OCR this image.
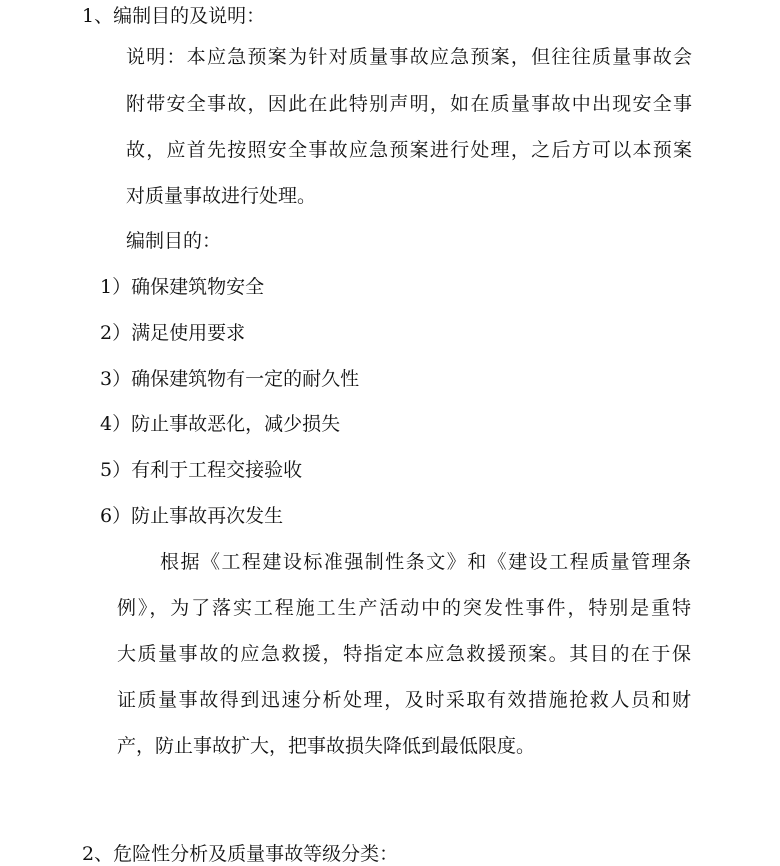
1、编制目的及说明：
说明：本应急预案为针对质量事故应急预案，但往往质量事故会
附带安全事故，因此在此特别声明，如在质量事故中出现安全事
故，应首先按照安全事故应急预案进行处理，之后方可以本预案
对质量事故进行处理。
编制目的：
1）确保建筑物安全
2）满足使用要求
3）确保建筑物有一定的耐久性
4）防止事故恶化，减少损失
5）有利于工程交接验收
6）防止事故再次发生
根据《工程建设标准强制性条文》和《建设工程质量管理条
例》，为了落实工程施工生产活动中的突发性事件，特别是重特
大质量事故的应急救援，特指定本应急救援预案。其目的在于保
证质量事故得到迅速分析处理，及时采取有效措施抢救人员和财
产，防止事故扩大，把事故损失降低到最低限度。
2、危险性分析及质量事故等级分类：
